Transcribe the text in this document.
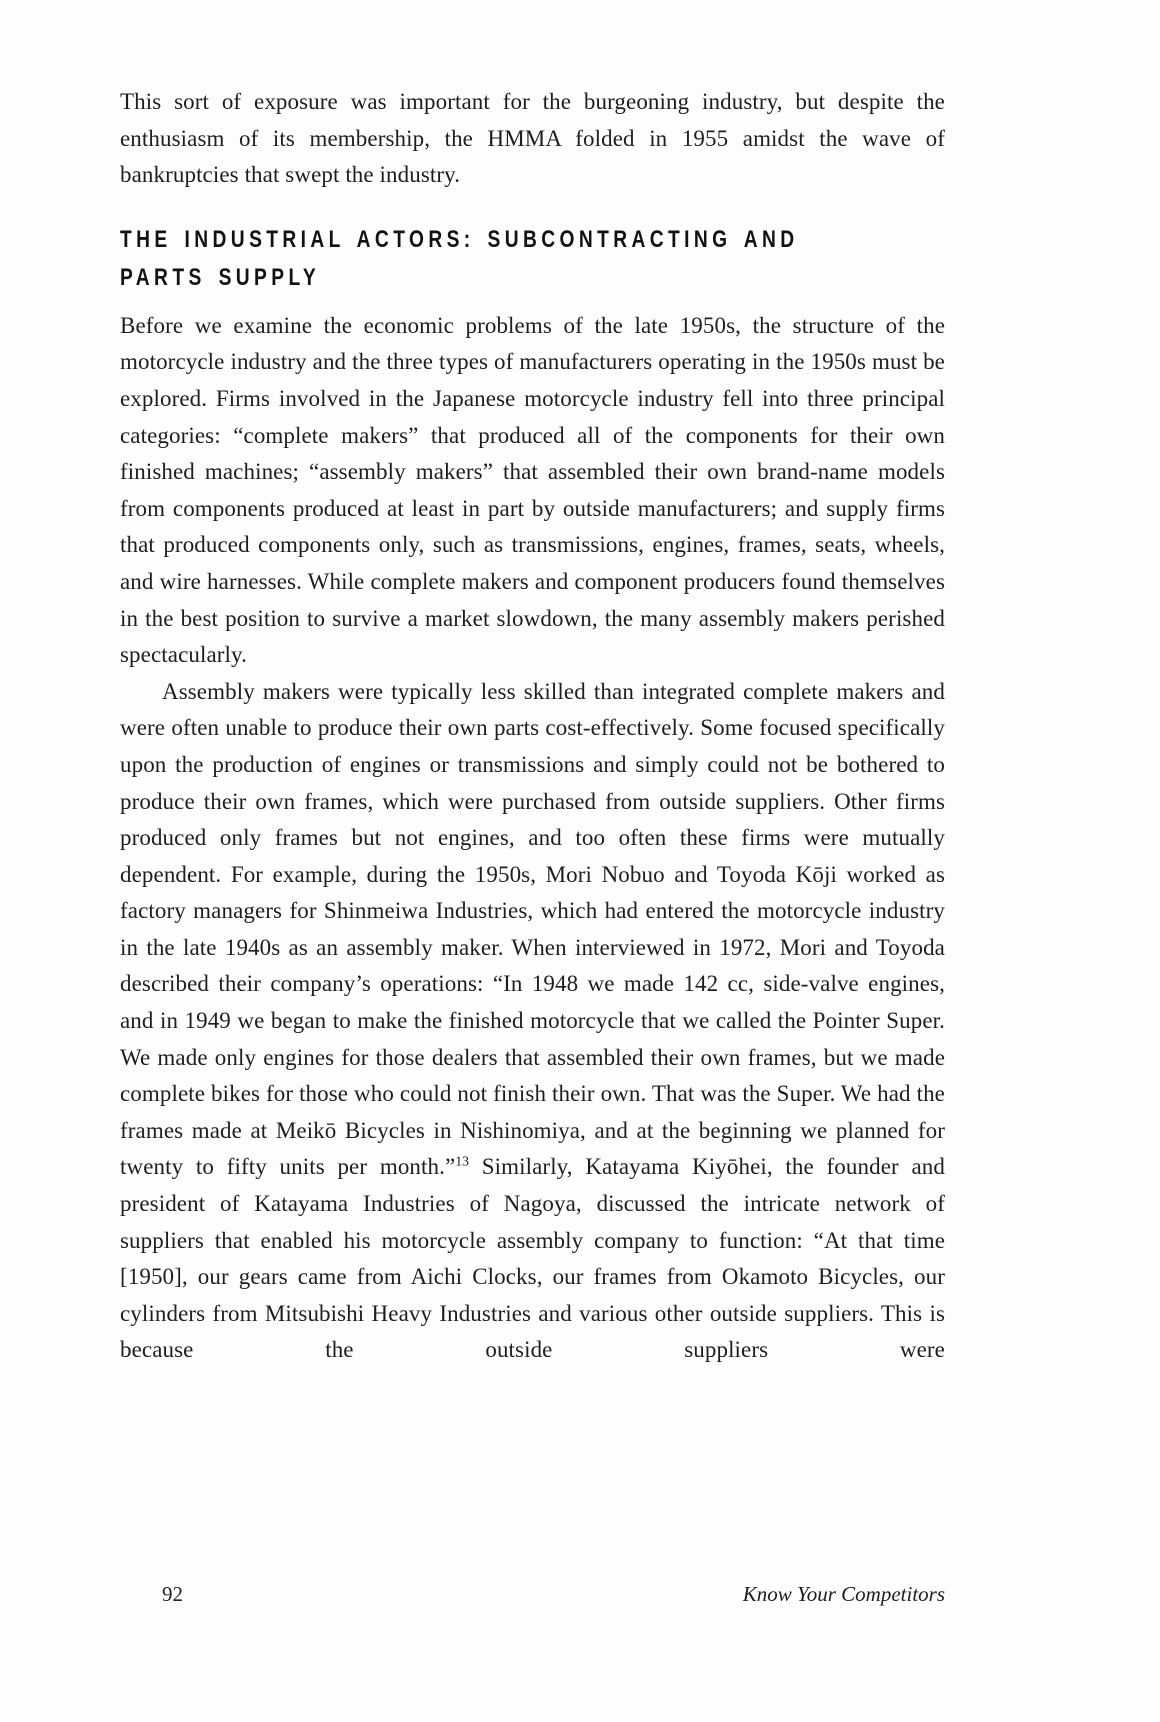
This sort of exposure was important for the burgeoning industry, but despite the enthusiasm of its membership, the HMMA folded in 1955 amidst the wave of bankruptcies that swept the industry.

THE INDUSTRIAL ACTORS: SUBCONTRACTING AND
PARTS SUPPLY

Before we examine the economic problems of the late 1950s, the structure of the motorcycle industry and the three types of manufacturers operating in the 1950s must be explored. Firms involved in the Japanese motorcycle industry fell into three principal categories: “complete makers” that produced all of the components for their own finished machines; “assembly makers” that assembled their own brand-name models from components produced at least in part by outside manufacturers; and supply firms that produced components only, such as transmissions, engines, frames, seats, wheels, and wire harnesses. While complete makers and component producers found themselves in the best position to survive a market slowdown, the many assembly makers perished spectacularly.

Assembly makers were typically less skilled than integrated complete makers and were often unable to produce their own parts cost-effectively. Some focused specifically upon the production of engines or transmissions and simply could not be bothered to produce their own frames, which were purchased from outside suppliers. Other firms produced only frames but not engines, and too often these firms were mutually dependent. For example, during the 1950s, Mori Nobuo and Toyoda Kōji worked as factory managers for Shinmeiwa Industries, which had entered the motorcycle industry in the late 1940s as an assembly maker. When interviewed in 1972, Mori and Toyoda described their company’s operations: “In 1948 we made 142 cc, side-valve engines, and in 1949 we began to make the finished motorcycle that we called the Pointer Super. We made only engines for those dealers that assembled their own frames, but we made complete bikes for those who could not finish their own. That was the Super. We had the frames made at Meikō Bicycles in Nishinomiya, and at the beginning we planned for twenty to fifty units per month.”$^{13}$ Similarly, Katayama Kiyōhei, the founder and president of Katayama Industries of Nagoya, discussed the intricate network of suppliers that enabled his motorcycle assembly company to function: “At that time [1950], our gears came from Aichi Clocks, our frames from Okamoto Bicycles, our cylinders from Mitsubishi Heavy Industries and various other outside suppliers. This is because the outside suppliers were

92	Know Your Competitors
